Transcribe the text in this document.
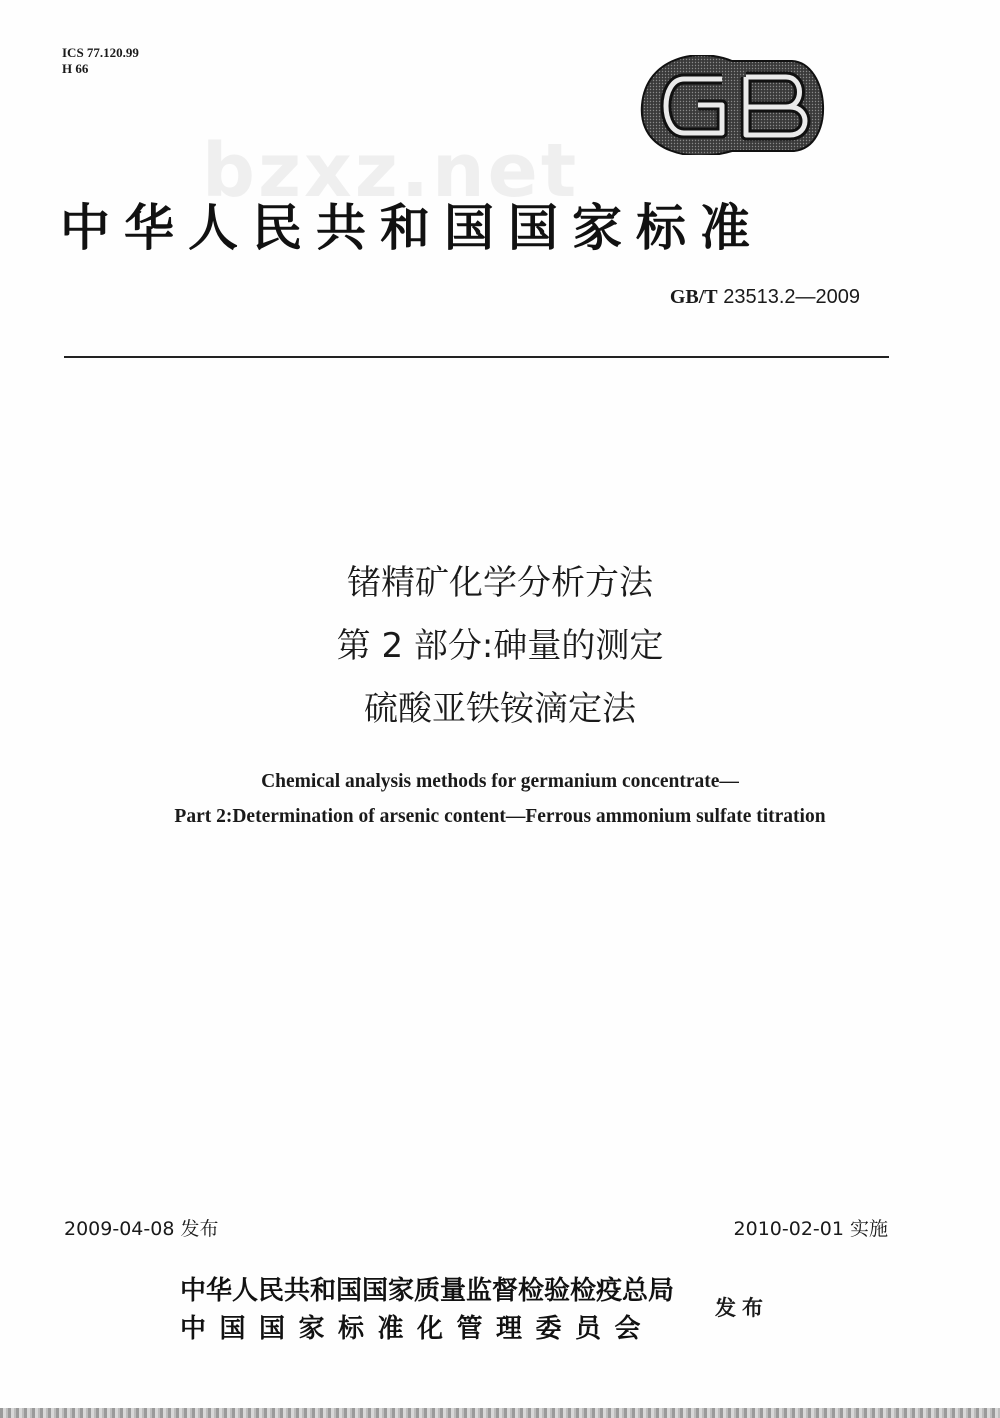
ICS 77.120.99
H 66
bzxz.net
中华人民共和国国家标准
GB/T 23513.2—2009
锗精矿化学分析方法
第 2 部分:砷量的测定
硫酸亚铁铵滴定法
Chemical analysis methods for germanium concentrate—
Part 2:Determination of arsenic content—Ferrous ammonium sulfate titration
2009-04-08 发布	2010-02-01 实施
中华人民共和国国家质量监督检验检疫总局
中国国家标准化管理委员会
发布
